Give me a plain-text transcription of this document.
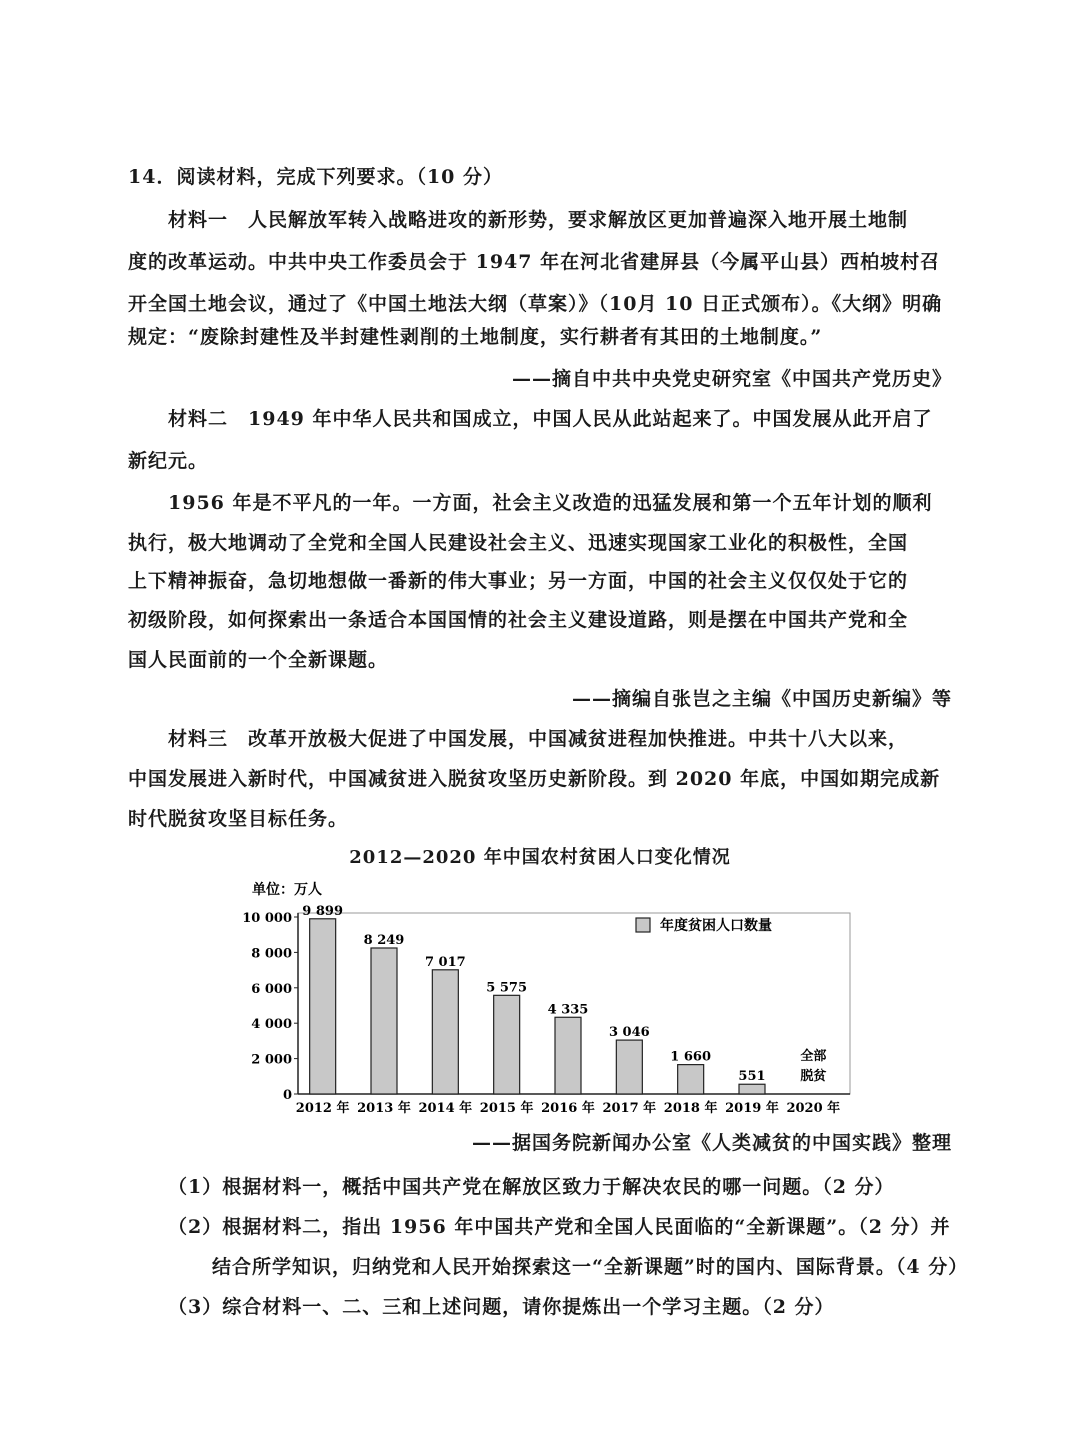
14．阅读材料，完成下列要求。（10 分）
材料一　人民解放军转入战略进攻的新形势，要求解放区更加普遍深入地开展土地制
度的改革运动。中共中央工作委员会于 1947 年在河北省建屏县（今属平山县）西柏坡村召
开全国土地会议，通过了《中国土地法大纲（草案）》（10月 10 日正式颁布）。《大纲》明确
规定：“废除封建性及半封建性剥削的土地制度，实行耕者有其田的土地制度。”
——摘自中共中央党史研究室《中国共产党历史》
材料二　1949 年中华人民共和国成立，中国人民从此站起来了。中国发展从此开启了
新纪元。
1956 年是不平凡的一年。一方面，社会主义改造的迅猛发展和第一个五年计划的顺利
执行，极大地调动了全党和全国人民建设社会主义、迅速实现国家工业化的积极性，全国
上下精神振奋，急切地想做一番新的伟大事业；另一方面，中国的社会主义仅仅处于它的
初级阶段，如何探索出一条适合本国国情的社会主义建设道路，则是摆在中国共产党和全
国人民面前的一个全新课题。
——摘编自张岂之主编《中国历史新编》等
材料三　改革开放极大促进了中国发展，中国减贫进程加快推进。中共十八大以来，
中国发展进入新时代，中国减贫进入脱贫攻坚历史新阶段。到 2020 年底，中国如期完成新
时代脱贫攻坚目标任务。
2012—2020 年中国农村贫困人口变化情况
单位：万人
0
2 000
4 000
6 000
8 000
10 000 9 899
2012 年
8 249
2013 年
7 017
2014 年
5 575
2015 年
4 335
2016 年
3 046
2017 年
1 660
2018 年
551
2019 年 2020 年
全部
脱贫
年度贫困人口数量
——据国务院新闻办公室《人类减贫的中国实践》整理
（1）根据材料一，概括中国共产党在解放区致力于解决农民的哪一问题。（2 分）
（2）根据材料二，指出 1956 年中国共产党和全国人民面临的“全新课题”。（2 分）并
结合所学知识，归纳党和人民开始探索这一“全新课题”时的国内、国际背景。（4 分）
（3）综合材料一、二、三和上述问题，请你提炼出一个学习主题。（2 分）
